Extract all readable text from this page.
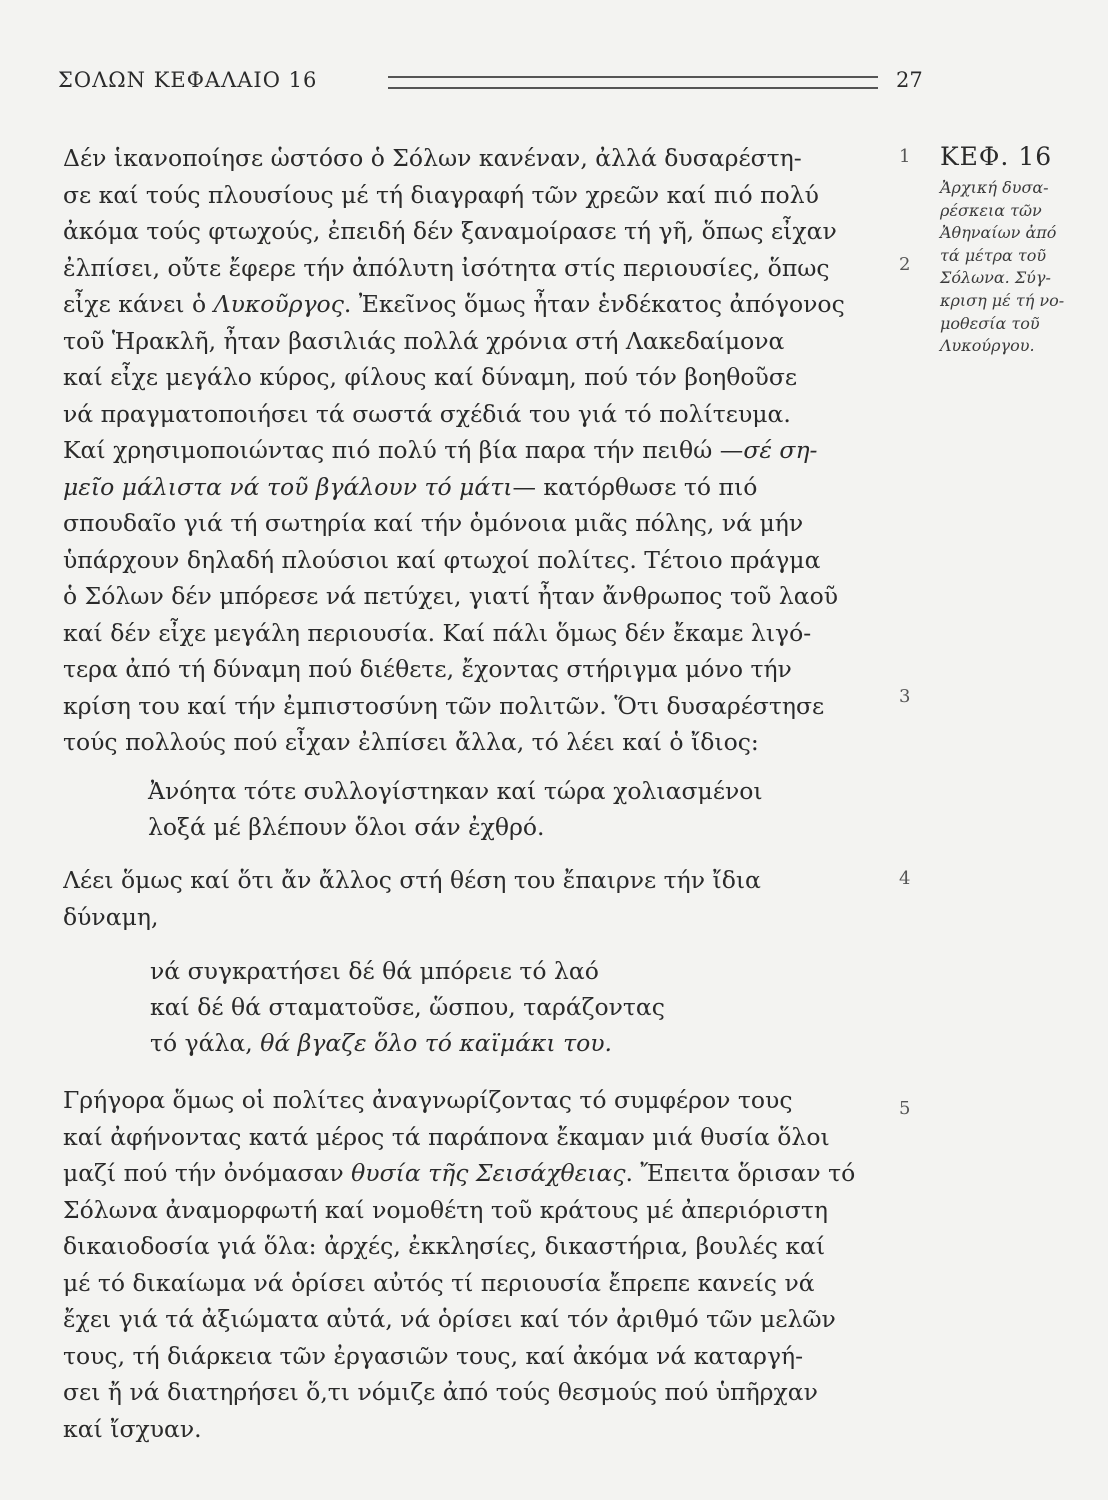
ΣΟΛΩΝ ΚΕΦΑΛΑΙΟ 16	27
ΚΕΦ. 16
Ἀρχική δυσα-
ρέσκεια τῶν
Ἀθηναίων ἀπό
τά μέτρα τοῦ
Σόλωνα. Σύγ-
κριση μέ τή νο-
μοθεσία τοῦ
Λυκούργου.
1
2
3
4
5
Δέν ἱκανοποίησε ὡστόσο ὁ Σόλων κανέναν, ἀλλά δυσαρέστη-
σε καί τούς πλουσίους μέ τή διαγραφή τῶν χρεῶν καί πιό πολύ
ἀκόμα τούς φτωχούς, ἐπειδή δέν ξαναμοίρασε τή γῆ, ὅπως εἶχαν
ἐλπίσει, οὔτε ἔφερε τήν ἀπόλυτη ἰσότητα στίς περιουσίες, ὅπως
εἶχε κάνει ὁ Λυκοῦργος. Ἐκεῖνος ὅμως ἦταν ἑνδέκατος ἀπόγονος
τοῦ Ἡρακλῆ, ἦταν βασιλιάς πολλά χρόνια στή Λακεδαίμονα
καί εἶχε μεγάλο κύρος, φίλους καί δύναμη, πού τόν βοηθοῦσε
νά πραγματοποιήσει τά σωστά σχέδιά του γιά τό πολίτευμα.
Καί χρησιμοποιώντας πιό πολύ τή βία παρα τήν πειθώ —σέ ση-
μεῖο μάλιστα νά τοῦ βγάλουν τό μάτι— κατόρθωσε τό πιό
σπουδαῖο γιά τή σωτηρία καί τήν ὁμόνοια μιᾶς πόλης, νά μήν
ὑπάρχουν δηλαδή πλούσιοι καί φτωχοί πολίτες. Τέτοιο πράγμα
ὁ Σόλων δέν μπόρεσε νά πετύχει, γιατί ἦταν ἄνθρωπος τοῦ λαοῦ
καί δέν εἶχε μεγάλη περιουσία. Καί πάλι ὅμως δέν ἔκαμε λιγό-
τερα ἀπό τή δύναμη πού διέθετε, ἔχοντας στήριγμα μόνο τήν
κρίση του καί τήν ἐμπιστοσύνη τῶν πολιτῶν. Ὅτι δυσαρέστησε
τούς πολλούς πού εἶχαν ἐλπίσει ἄλλα, τό λέει καί ὁ ἴδιος:
Ἀνόητα τότε συλλογίστηκαν καί τώρα χολιασμένοι
λοξά μέ βλέπουν ὅλοι σάν ἐχθρό.
Λέει ὅμως καί ὅτι ἄν ἄλλος στή θέση του ἔπαιρνε τήν ἴδια
δύναμη,
νά συγκρατήσει δέ θά μπόρειε τό λαό
καί δέ θά σταματοῦσε, ὥσπου, ταράζοντας
τό γάλα, θά βγαζε ὅλο τό καϊμάκι του.
Γρήγορα ὅμως οἱ πολίτες ἀναγνωρίζοντας τό συμφέρον τους
καί ἀφήνοντας κατά μέρος τά παράπονα ἔκαμαν μιά θυσία ὅλοι
μαζί πού τήν ὀνόμασαν θυσία τῆς Σεισάχθειας. Ἔπειτα ὅρισαν τό
Σόλωνα ἀναμορφωτή καί νομοθέτη τοῦ κράτους μέ ἀπεριόριστη
δικαιοδοσία γιά ὅλα: ἀρχές, ἐκκλησίες, δικαστήρια, βουλές καί
μέ τό δικαίωμα νά ὁρίσει αὐτός τί περιουσία ἔπρεπε κανείς νά
ἔχει γιά τά ἀξιώματα αὐτά, νά ὁρίσει καί τόν ἀριθμό τῶν μελῶν
τους, τή διάρκεια τῶν ἐργασιῶν τους, καί ἀκόμα νά καταργή-
σει ἤ νά διατηρήσει ὅ,τι νόμιζε ἀπό τούς θεσμούς πού ὑπῆρχαν
καί ἴσχυαν.
